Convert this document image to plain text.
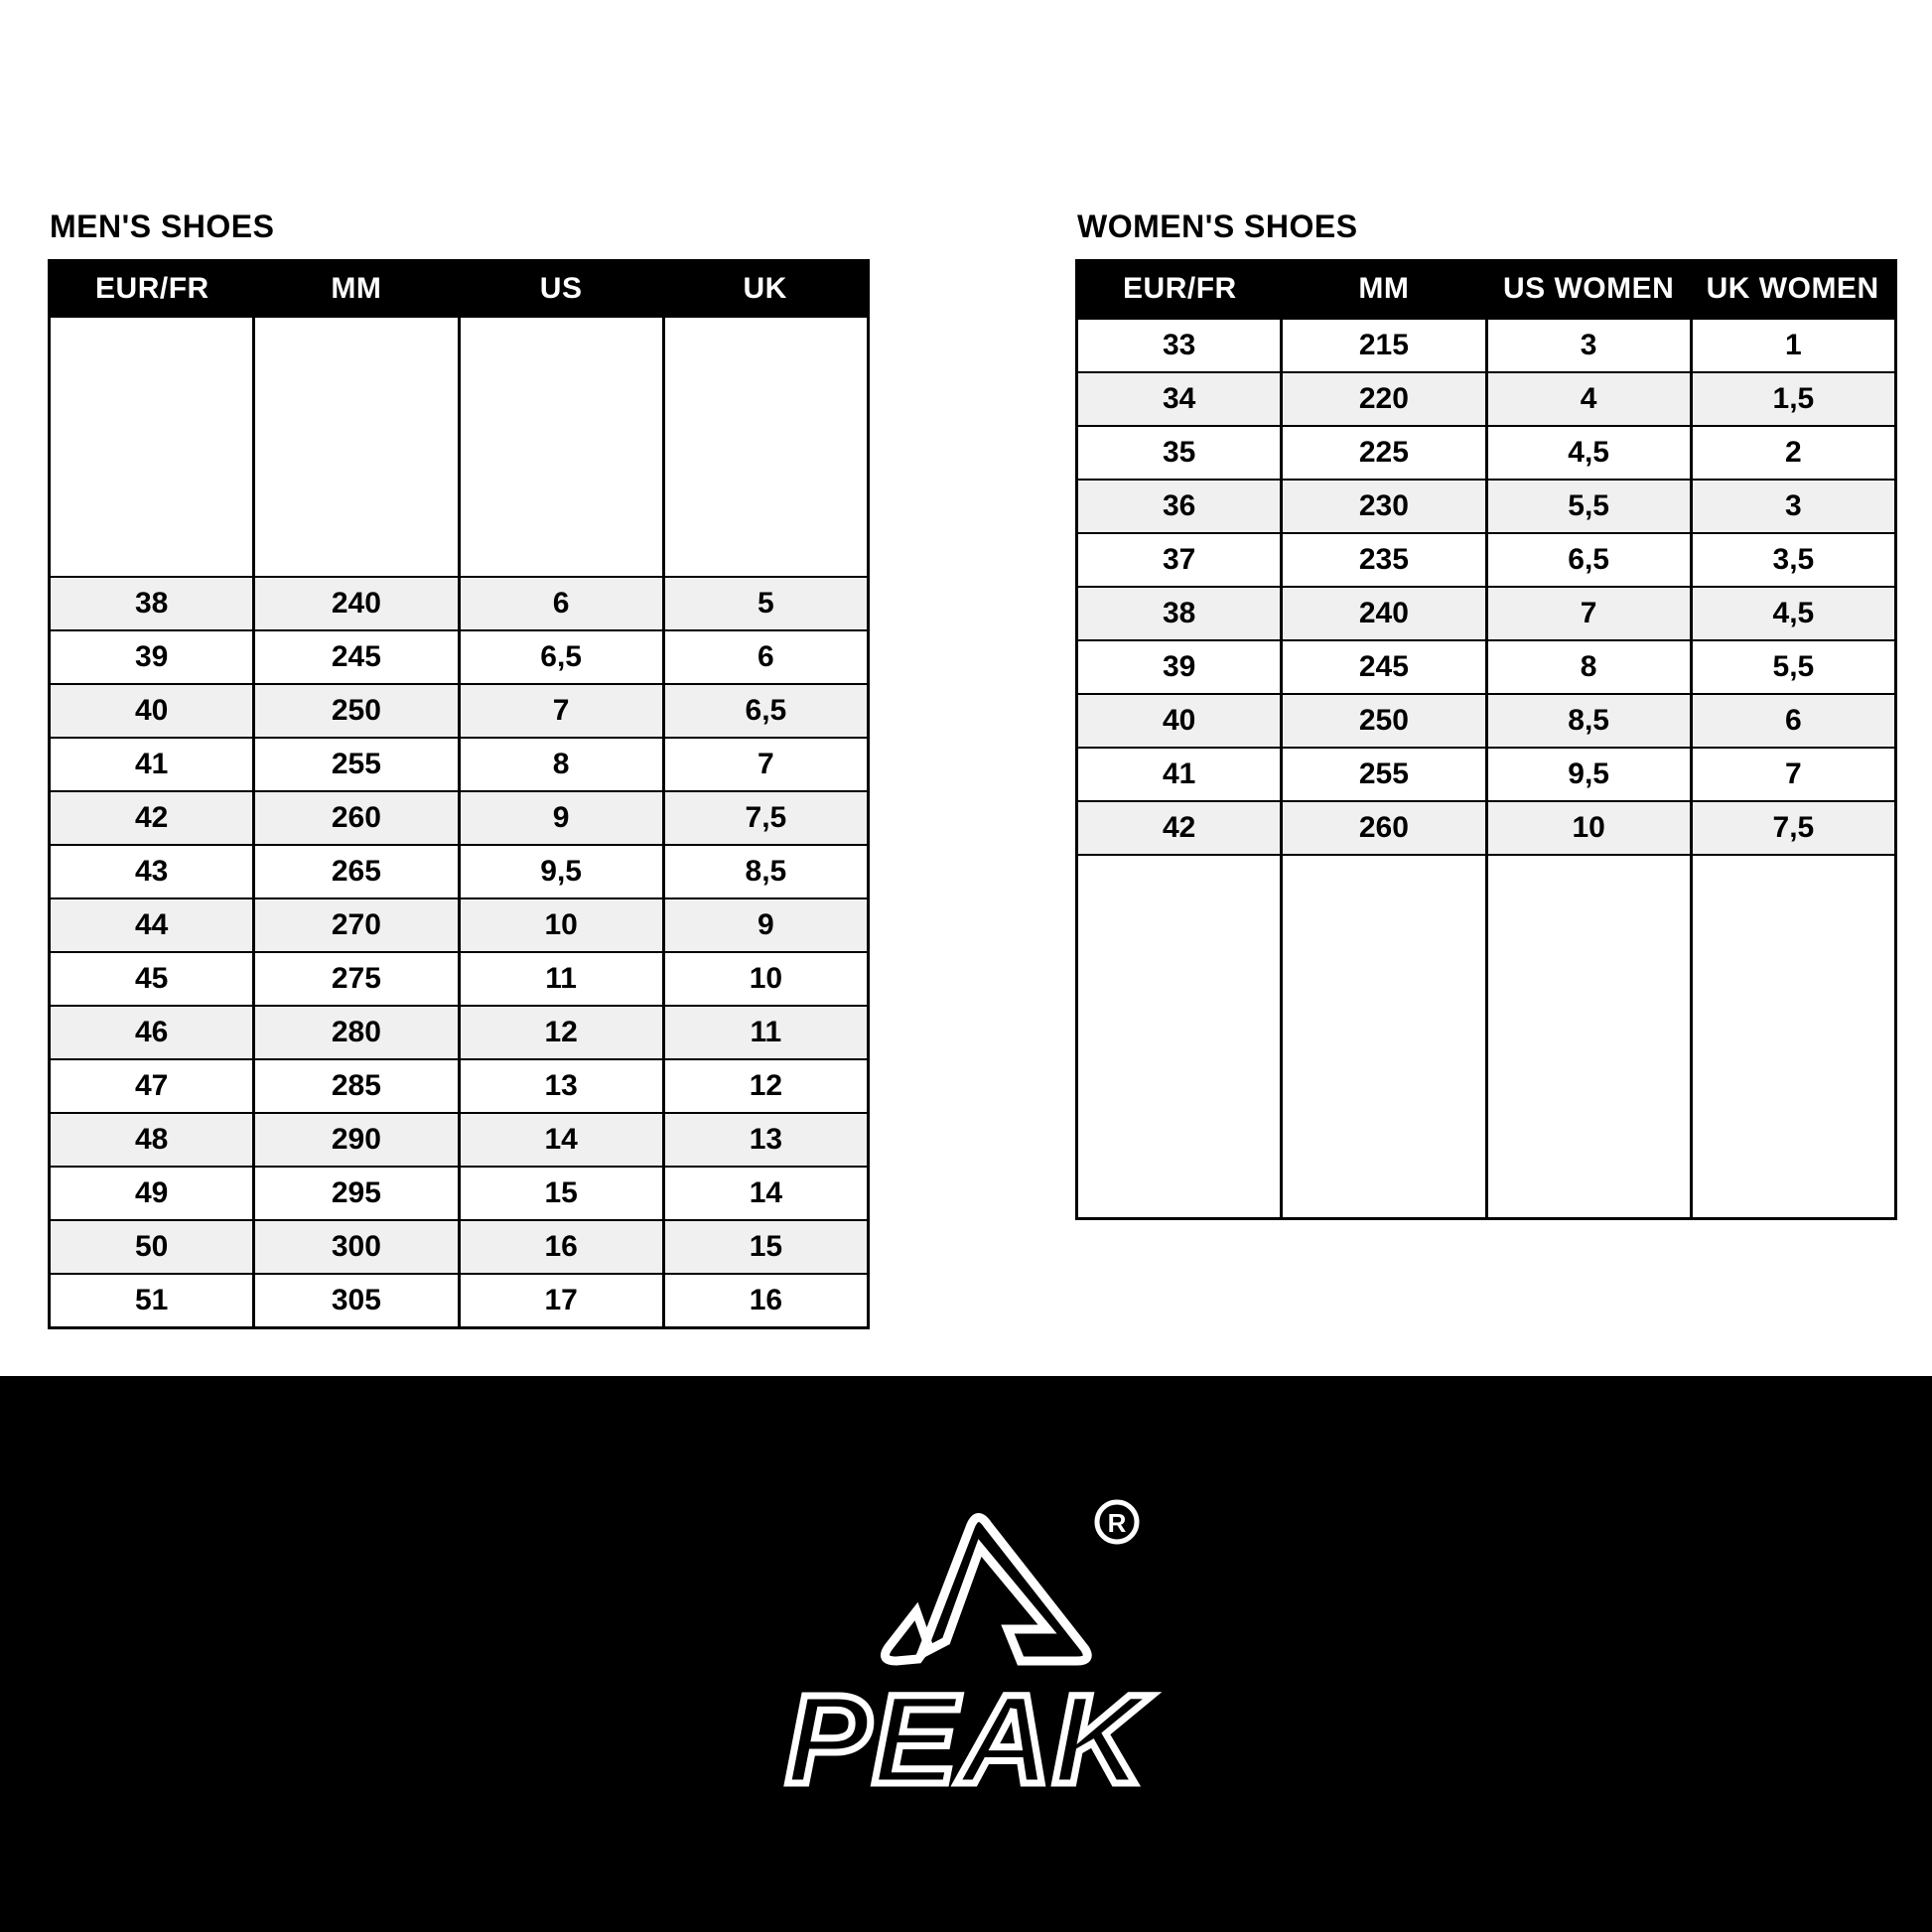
MEN'S SHOES
EUR/FR	MM	US	UK

38	240	6	5
39	245	6,5	6
40	250	7	6,5
41	255	8	7
42	260	9	7,5
43	265	9,5	8,5
44	270	10	9
45	275	11	10
46	280	12	11
47	285	13	12
48	290	14	13
49	295	15	14
50	300	16	15
51	305	17	16
WOMEN'S SHOES
EUR/FR	MM	US WOMEN	UK WOMEN
33	215	3	1
34	220	4	1,5
35	225	4,5	2
36	230	5,5	3
37	235	6,5	3,5
38	240	7	4,5
39	245	8	5,5
40	250	8,5	6
41	255	9,5	7
42	260	10	7,5

R
PEAK
